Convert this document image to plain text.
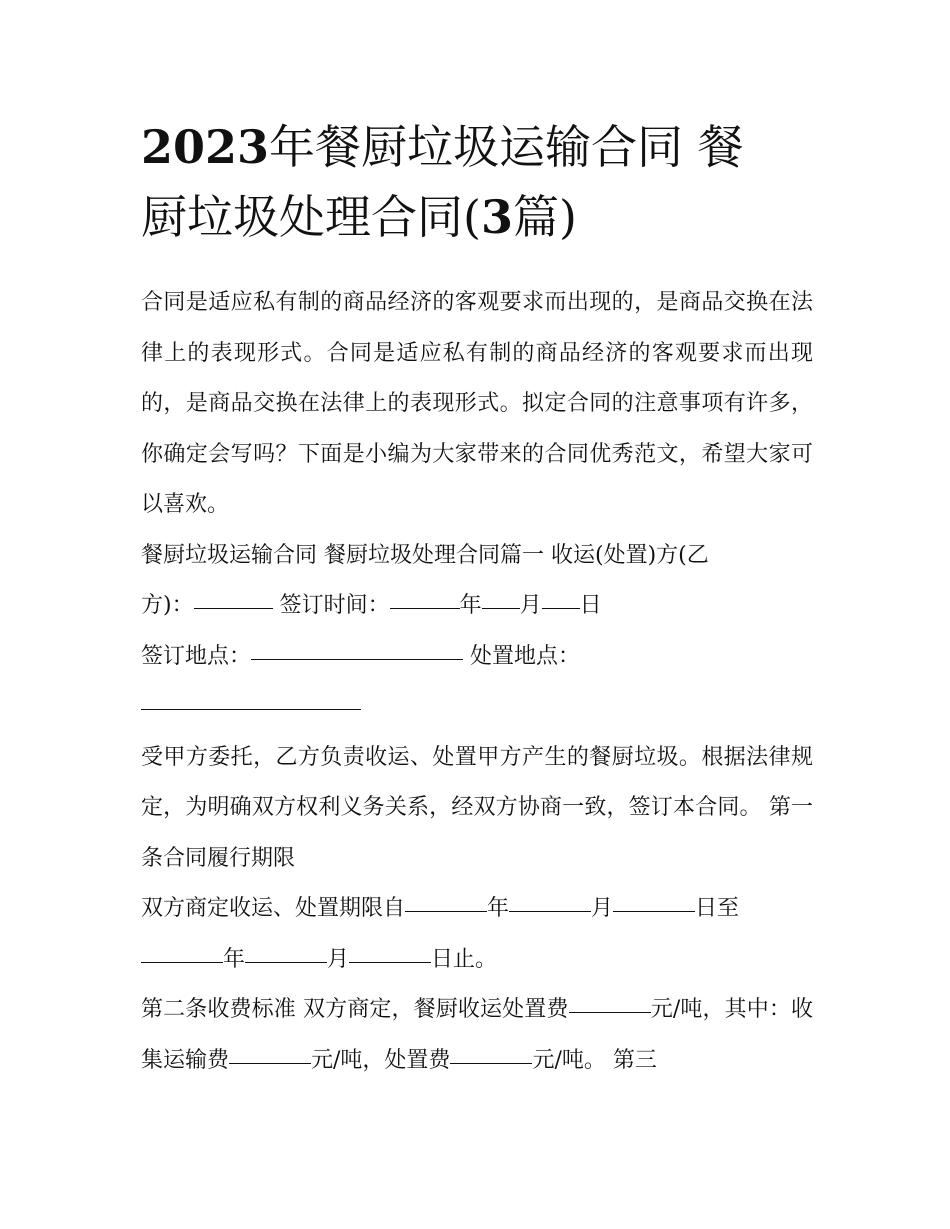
2023年餐厨垃圾运输合同 餐
厨垃圾处理合同(3篇)

合同是适应私有制的商品经济的客观要求而出现的，是商品交换在法律上的表现形式。合同是适应私有制的商品经济的客观要求而出现的，是商品交换在法律上的表现形式。拟定合同的注意事项有许多，你确定会写吗？下面是小编为大家带来的合同优秀范文，希望大家可以喜欢。

餐厨垃圾运输合同 餐厨垃圾处理合同篇一 收运(处置)方(乙
方)：	签订时间：	年 月 日
签订地点：	处置地点：

受甲方委托，乙方负责收运、处置甲方产生的餐厨垃圾。根据法律规定，为明确双方权利义务关系，经双方协商一致，签订本合同。 第一条合同履行期限

双方商定收运、处置期限自	年	月	日至
年	月	日止。

第二条收费标准 双方商定，餐厨收运处置费	元/吨，其中：收集运输费	元/吨，处置费	元/吨。 第三
